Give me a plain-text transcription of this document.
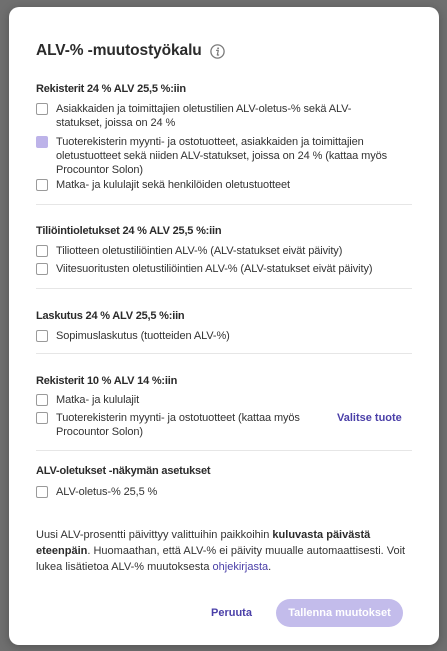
ALV-% -muutostyökalu
Rekisterit 24 % ALV 25,5 %:iin
Asiakkaiden ja toimittajien oletustilien ALV-oletus-% sekä ALV-
statukset, joissa on 24 %
Tuoterekisterin myynti- ja ostotuotteet, asiakkaiden ja toimittajien
oletustuotteet sekä niiden ALV-statukset, joissa on 24 % (kattaa myös
Procountor Solon)
Matka- ja kululajit sekä henkilöiden oletustuotteet
Tiliöintioletukset 24 % ALV 25,5 %:iin
Tiliotteen oletustiliöintien ALV-% (ALV-statukset eivät päivity)
Viitesuoritusten oletustiliöintien ALV-% (ALV-statukset eivät päivity)
Laskutus 24 % ALV 25,5 %:iin
Sopimuslaskutus (tuotteiden ALV-%)
Rekisterit 10 % ALV 14 %:iin
Matka- ja kululajit
Tuoterekisterin myynti- ja ostotuotteet (kattaa myös
Procountor Solon)
Valitse tuote
ALV-oletukset -näkymän asetukset
ALV-oletus-% 25,5 %
Uusi ALV-prosentti päivittyy valittuihin paikkoihin kuluvasta päivästä eteenpäin. Huomaathan, että ALV-% ei päivity muualle automaattisesti. Voit lukea lisätietoa ALV-% muutoksesta ohjekirjasta.
Peruuta	Tallenna muutokset
